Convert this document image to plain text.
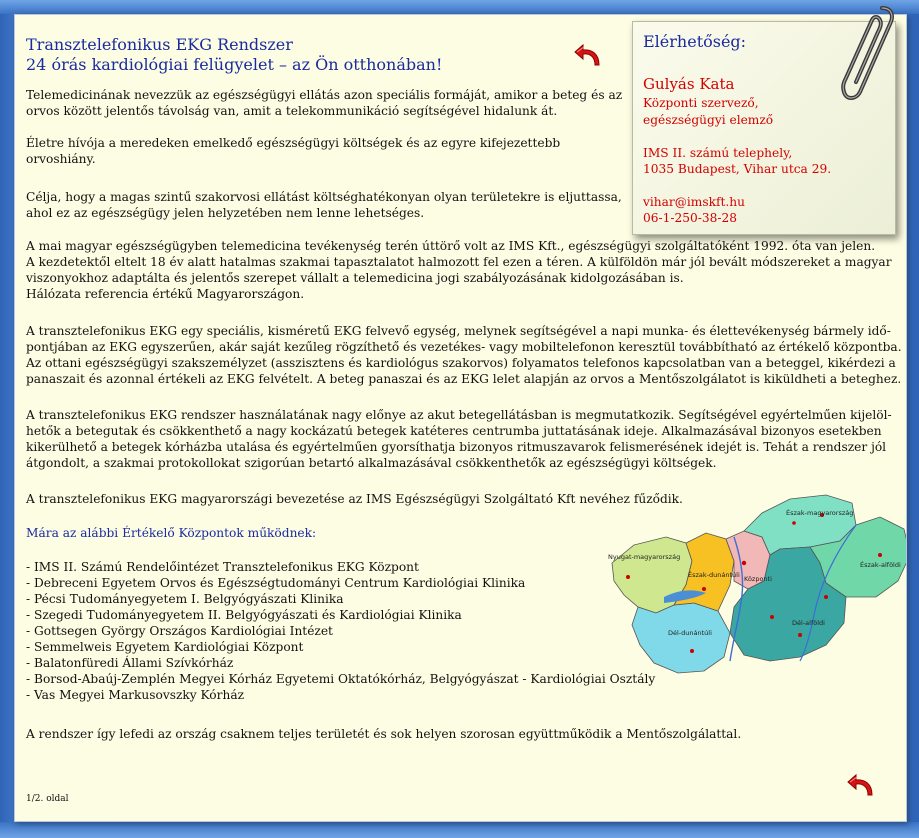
Transztelefonikus EKG Rendszer
24 órás kardiológiai felügyelet – az Ön otthonában!

Telemedicinának nevezzük az egészségügyi ellátás azon speciális formáját, amikor a beteg és az

orvos között jelentős távolság van, amit a telekommunikáció segítségével hidalunk át.

Életre hívója a meredeken emelkedő egészségügyi költségek és az egyre kifejezettebb

orvoshiány.

Célja, hogy a magas szintű szakorvosi ellátást költséghatékonyan olyan területekre is eljuttassa,

ahol ez az egészségügy jelen helyzetében nem lenne lehetséges.

A mai magyar egészségügyben telemedicina tevékenység terén úttörő volt az IMS Kft., egészségügyi szolgáltatóként 1992. óta van jelen.

A kezdetektől eltelt 18 év alatt hatalmas szakmai tapasztalatot halmozott fel ezen a téren. A külföldön már jól bevált módszereket a magyar

viszonyokhoz adaptálta és jelentős szerepet vállalt a telemedicina jogi szabályozásának kidolgozásában is.

Hálózata referencia értékű Magyarországon.

A transztelefonikus EKG egy speciális, kisméretű EKG felvevő egység, melynek segítségével a napi munka- és élettevékenység bármely idő-

pontjában az EKG egyszerűen, akár saját kezűleg rögzíthető és vezetékes- vagy mobiltelefonon keresztül továbbítható az értékelő központba.

Az ottani egészségügyi szakszemélyzet (asszisztens és kardiológus szakorvos) folyamatos telefonos kapcsolatban van a beteggel, kikérdezi a

panaszait és azonnal értékeli az EKG felvételt. A beteg panaszai és az EKG lelet alapján az orvos a Mentőszolgálatot is kiküldheti a beteghez.

A transztelefonikus EKG rendszer használatának nagy előnye az akut betegellátásban is megmutatkozik. Segítségével egyértelműen kijelöl-

hetők a betegutak és csökkenthető a nagy kockázatú betegek katéteres centrumba juttatásának ideje. Alkalmazásával bizonyos esetekben

kikerülhető a betegek kórházba utalása és egyértelműen gyorsíthatja bizonyos ritmuszavarok felismerésének idejét is. Tehát a rendszer jól

átgondolt, a szakmai protokollokat szigorúan betartó alkalmazásával csökkenthetők az egészségügyi költségek.

A transztelefonikus EKG magyarországi bevezetése az IMS Egészségügyi Szolgáltató Kft nevéhez fűződik.

Mára az alábbi Értékelő Központok működnek:

- IMS II. Számú Rendelőintézet Transztelefonikus EKG Központ
- Debreceni Egyetem Orvos és Egészségtudományi Centrum Kardiológiai Klinika
- Pécsi Tudományegyetem I. Belgyógyászati Klinika
- Szegedi Tudományegyetem II. Belgyógyászati és Kardiológiai Klinika
- Gottsegen György Országos Kardiológiai Intézet
- Semmelweis Egyetem Kardiológiai Központ
- Balatonfüredi Állami Szívkórház
- Borsod-Abaúj-Zemplén Megyei Kórház Egyetemi Oktatókórház, Belgyógyászat - Kardiológiai Osztály
- Vas Megyei Markusovszky Kórház

A rendszer így lefedi az ország csaknem teljes területét és sok helyen szorosan együttműködik a Mentőszolgálattal.

1/2. oldal
Elérhetőség:
Gulyás Kata
Központi szervező,
egészségügyi elemző
IMS II. számú telephely,
1035 Budapest, Vihar utca 29.
vihar@imskft.hu
06-1-250-38-28
Észak-magyarország
Nyugat-magyarország
Észak-dunántúli Központi
Észak-alföldi
Dél-alföldi
Dél-dunántúli
